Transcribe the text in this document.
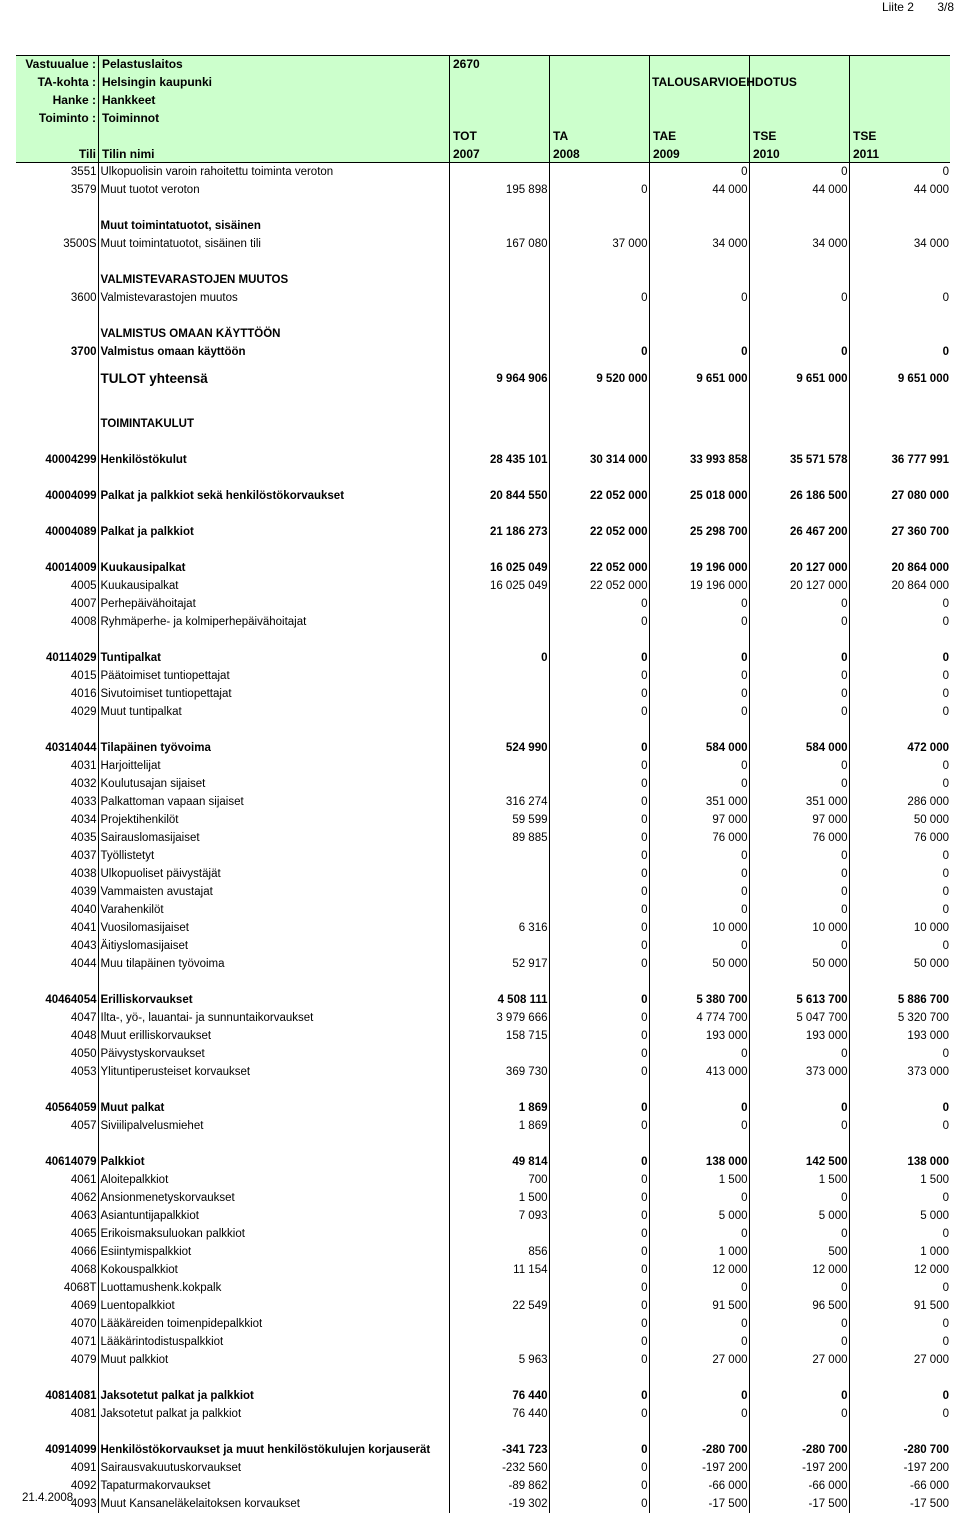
Liite 2 3/8
Vastuualue : Pelastuslaitos	2670
TA-kohta : Helsingin kaupunki	TALOUSARVIOEHDOTUS
Hanke : Hankkeet
Toiminto : Toiminnot
TOT	TA	TAE	TSE	TSE
Tili Tilin nimi	2007	2008	2009	2010	2011
3551	Ulkopuolisin varoin rahoitettu toiminta veroton			0	0	0
3579	Muut tuotot veroton	195 898	0	44 000	44 000	44 000
	Muut toimintatuotot, sisäinen					
3500S	Muut toimintatuotot, sisäinen tili	167 080	37 000	34 000	34 000	34 000
	VALMISTEVARASTOJEN MUUTOS					
3600	Valmistevarastojen muutos		0	0	0	0
	VALMISTUS OMAAN KÄYTTÖÖN					
3700	Valmistus omaan käyttöön		0	0	0	0
	TULOT yhteensä	9 964 906	9 520 000	9 651 000	9 651 000	9 651 000
	TOIMINTAKULUT					
40004299	Henkilöstökulut	28 435 101	30 314 000	33 993 858	35 571 578	36 777 991
40004099	Palkat ja palkkiot sekä henkilöstökorvaukset	20 844 550	22 052 000	25 018 000	26 186 500	27 080 000
40004089	Palkat ja palkkiot	21 186 273	22 052 000	25 298 700	26 467 200	27 360 700
40014009	Kuukausipalkat	16 025 049	22 052 000	19 196 000	20 127 000	20 864 000
4005	Kuukausipalkat	16 025 049	22 052 000	19 196 000	20 127 000	20 864 000
4007	Perhepäivähoitajat		0	0	0	0
4008	Ryhmäperhe- ja kolmiperhepäivähoitajat		0	0	0	0
40114029	Tuntipalkat	0	0	0	0	0
4015	Päätoimiset tuntiopettajat		0	0	0	0
4016	Sivutoimiset tuntiopettajat		0	0	0	0
4029	Muut tuntipalkat		0	0	0	0
40314044	Tilapäinen työvoima	524 990	0	584 000	584 000	472 000
4031	Harjoittelijat		0	0	0	0
4032	Koulutusajan sijaiset		0	0	0	0
4033	Palkattoman vapaan sijaiset	316 274	0	351 000	351 000	286 000
4034	Projektihenkilöt	59 599	0	97 000	97 000	50 000
4035	Sairauslomasijaiset	89 885	0	76 000	76 000	76 000
4037	Työllistetyt		0	0	0	0
4038	Ulkopuoliset päivystäjät		0	0	0	0
4039	Vammaisten avustajat		0	0	0	0
4040	Varahenkilöt		0	0	0	0
4041	Vuosilomasijaiset	6 316	0	10 000	10 000	10 000
4043	Äitiyslomasijaiset		0	0	0	0
4044	Muu tilapäinen työvoima	52 917	0	50 000	50 000	50 000
40464054	Erilliskorvaukset	4 508 111	0	5 380 700	5 613 700	5 886 700
4047	Ilta-, yö-, lauantai- ja sunnuntaikorvaukset	3 979 666	0	4 774 700	5 047 700	5 320 700
4048	Muut erilliskorvaukset	158 715	0	193 000	193 000	193 000
4050	Päivystyskorvaukset		0	0	0	0
4053	Ylituntiperusteiset korvaukset	369 730	0	413 000	373 000	373 000
40564059	Muut palkat	1 869	0	0	0	0
4057	Siviilipalvelusmiehet	1 869	0	0	0	0
40614079	Palkkiot	49 814	0	138 000	142 500	138 000
4061	Aloitepalkkiot	700	0	1 500	1 500	1 500
4062	Ansionmenetyskorvaukset	1 500	0	0	0	0
4063	Asiantuntijapalkkiot	7 093	0	5 000	5 000	5 000
4065	Erikoismaksuluokan palkkiot		0	0	0	0
4066	Esiintymispalkkiot	856	0	1 000	500	1 000
4068	Kokouspalkkiot	11 154	0	12 000	12 000	12 000
4068T	Luottamushenk.kokpalk		0	0	0	0
4069	Luentopalkkiot	22 549	0	91 500	96 500	91 500
4070	Lääkäreiden toimenpidepalkkiot		0	0	0	0
4071	Lääkärintodistuspalkkiot		0	0	0	0
4079	Muut palkkiot	5 963	0	27 000	27 000	27 000
40814081	Jaksotetut palkat ja palkkiot	76 440	0	0	0	0
4081	Jaksotetut palkat ja palkkiot	76 440	0	0	0	0
40914099	Henkilöstökorvaukset ja muut henkilöstökulujen korjauserät	-341 723	0	-280 700	-280 700	-280 700
4091	Sairausvakuutuskorvaukset	-232 560	0	-197 200	-197 200	-197 200
4092	Tapaturmakorvaukset	-89 862	0	-66 000	-66 000	-66 000
4093	Muut Kansaneläkelaitoksen korvaukset	-19 302	0	-17 500	-17 500	-17 500
21.4.2008
